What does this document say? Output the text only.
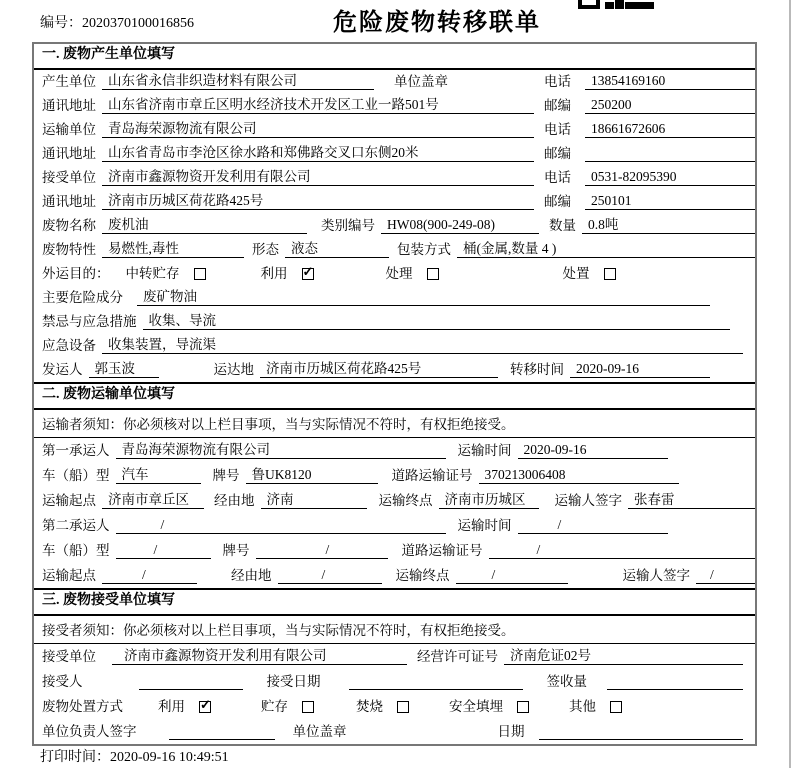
编号：2020370100016856	危险废物转移联单
一. 废物产生单位填写
产生单位 山东省永信非织造材料有限公司	单位盖章	电话	13854169160
通讯地址 山东省济南市章丘区明水经济技术开发区工业一路501号	邮编	250200
运输单位 青岛海荣源物流有限公司	电话	18661672606
通讯地址 山东省青岛市李沧区徐水路和郑佛路交叉口东侧20米	邮编
接受单位 济南市鑫源物资开发利用有限公司	电话	0531-82095390
通讯地址 济南市历城区荷花路425号	邮编	250101
废物名称 废机油	类别编号 HW08(900-249-08)	数量 0.8吨
废物特性 易燃性,毒性	形态 液态	包装方式 桶(金属,数量 4 )
外运目的： 中转贮存	利用 ✓	处理	处置
主要危险成分	废矿物油
禁忌与应急措施 收集、导流
应急设备 收集装置，导流渠
发运人 郭玉波	运达地 济南市历城区荷花路425号	转移时间 2020-09-16
二. 废物运输单位填写
运输者须知：你必须核对以上栏目事项，当与实际情况不符时，有权拒绝接受。
第一承运人 青岛海荣源物流有限公司	运输时间 2020-09-16
车（船）型 汽车	牌号 鲁UK8120	道路运输证号 370213006408
运输起点 济南市章丘区	经由地 济南	运输终点 济南市历城区	运输人签字 张春雷
第二承运人	/	运输时间	/
车（船）型	/	牌号	/	道路运输证号	/
运输起点	/	经由地	/	运输终点	/	运输人签字	/
三. 废物接受单位填写
接受者须知：你必须核对以上栏目事项，当与实际情况不符时，有权拒绝接受。
接受单位	济南市鑫源物资开发利用有限公司	经营许可证号 济南危证02号
接受人	接受日期	签收量
废物处置方式	利用 ✓	贮存	焚烧	安全填埋	其他
单位负责人签字	单位盖章	日期
打印时间：2020-09-16 10:49:51
